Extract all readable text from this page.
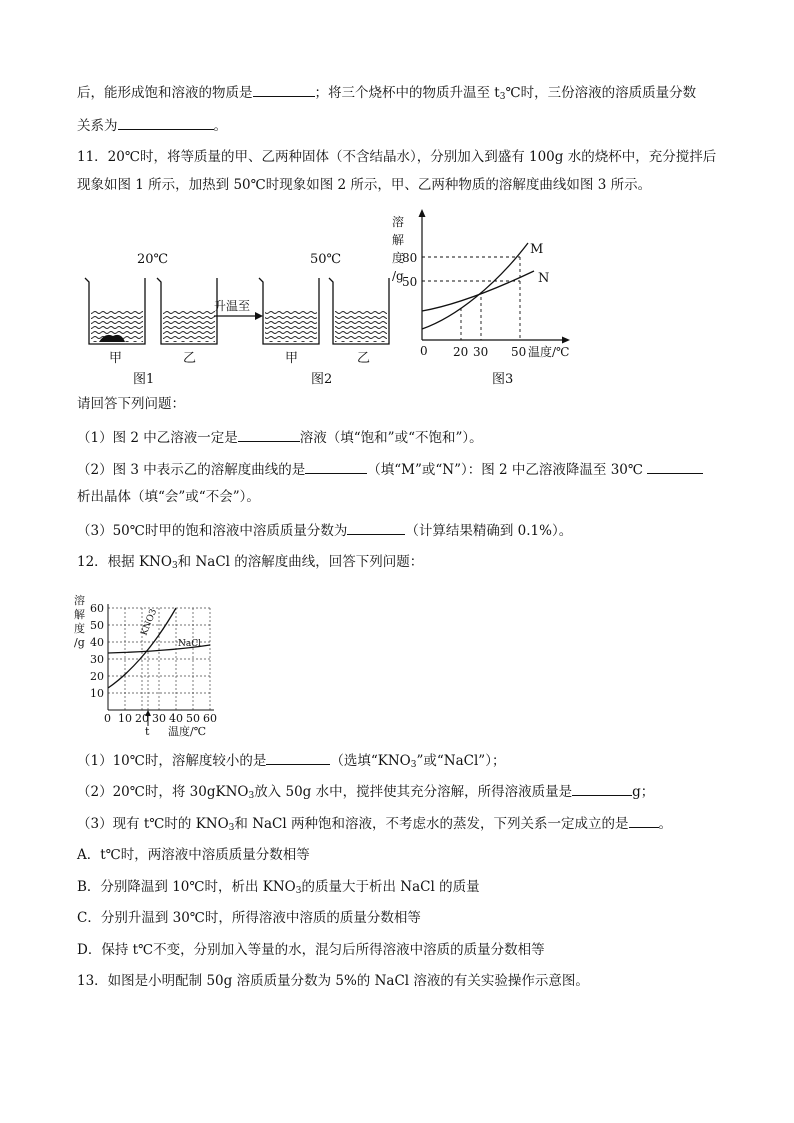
后，能形成饱和溶液的物质是	；将三个烧杯中的物质升温至 $t_3℃$时，三份溶液的溶质质量分数
关系为	。
11．20℃时，将等质量的甲、乙两种固体（不含结晶水），分别加入到盛有 100g 水的烧杯中，充分搅拌后
现象如图 1 所示，加热到 50℃时现象如图 2 所示，甲、乙两种物质的溶解度曲线如图 3 所示。
20℃
甲	乙
图1
升温至
50℃
甲	乙
图2
溶
解
度
/g
M
N
80
50
0 20 30 50 温度/℃
图3
请回答下列问题：
（1）图 2 中乙溶液一定是	溶液（填“饱和”或“不饱和”）。
（2）图 3 中表示乙的溶解度曲线的是	（填“M”或“N”）：图 2 中乙溶液降温至 30℃
析出晶体（填“会”或“不会”）。
（3）50℃时甲的饱和溶液中溶质质量分数为	（计算结果精确到 0.1%）。
12．根据 $KNO_3$和 NaCl 的溶解度曲线，回答下列问题：
溶
解
度
/g
KNO3
NaCl
60
50
40
30
20
10
0 10 20 30 40 50 60
t 温度/℃
（1）10℃时，溶解度较小的是	（选填“$KNO_3$”或“NaCl”）；
（2）20℃时，将 30gKNO$_3$放入 50g 水中，搅拌使其充分溶解，所得溶液质量是	g；
（3）现有 t℃时的 $KNO_3$和 NaCl 两种饱和溶液，不考虑水的蒸发，下列关系一定成立的是 。
A．t℃时，两溶液中溶质质量分数相等
B．分别降温到 10℃时，析出 $KNO_3$的质量大于析出 NaCl 的质量
C．分别升温到 30℃时，所得溶液中溶质的质量分数相等
D．保持 t℃不变，分别加入等量的水，混匀后所得溶液中溶质的质量分数相等
13．如图是小明配制 50g 溶质质量分数为 5%的 NaCl 溶液的有关实验操作示意图。
